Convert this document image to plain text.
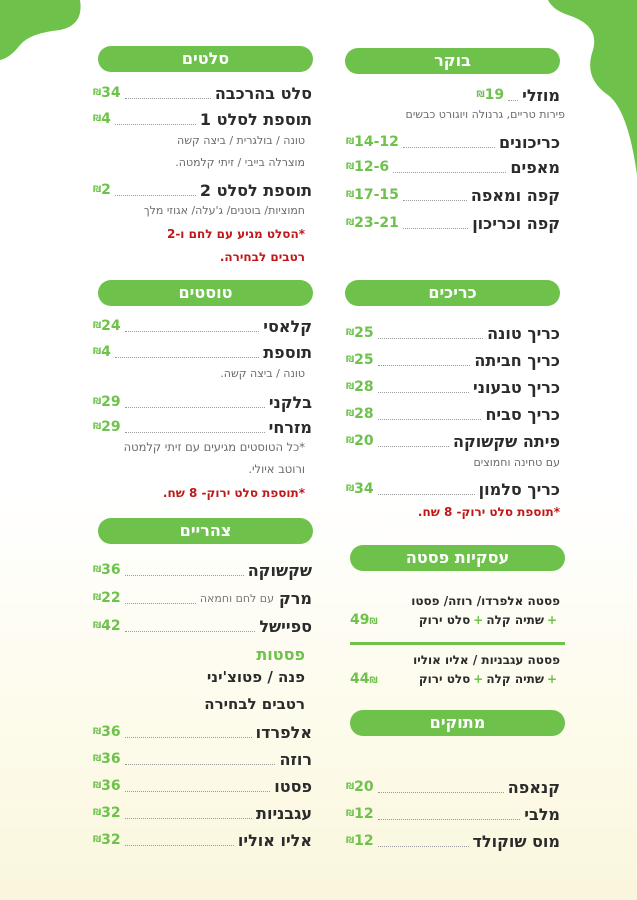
בוקר
מוזלי
19
₪
פירות טריים, גרנולה ויוגורט כבשים
כריכונים
14-12
₪
מאפים
12-6
₪
קפה ומאפה
17-15
₪
קפה וכריכון
23-21
₪
כריכים
כריך טונה
25
₪
כריך חביתה
25
₪
כריך טבעוני
28
₪
כריך סביח
28
₪
פיתה שקשוקה
20
₪
עם טחינה וחמוצים
כריך סלמון
34
₪
*תוספת סלט ירוק- 8 שח.
עסקיות פסטה
פסטה אלפרדו/ רוזה/ פסטו
+שתיה קלה+סלט ירוק
49₪
פסטה עגבניות / אליו אוליו
+שתיה קלה+סלט ירוק
44₪
מתוקים
קנאפה
20
₪
מלבי
12
₪
מוס שוקולד
12
₪
סלטים
סלט בהרכבה
34
₪
תוספת לסלט 1
4
₪
טונה / בולגרית / ביצה קשה
מוצרלה בייבי / זיתי קלמטה.
תוספת לסלט 2
2
₪
חמוציות/ בוטנים/ ג'עלה/ אגוזי מלך
*הסלט מגיע עם לחם ו-2
רטבים לבחירה.
טוסטים
קלאסי
24
₪
תוספת
4
₪
טונה / ביצה קשה.
בלקני
29
₪
מזרחי
29
₪
*כל הטוסטים מגיעים עם זיתי קלמטה
ורוטב איולי.
*תוספת סלט ירוק- 8 שח.
צהריים
שקשוקה
36
₪
מרק
עם לחם וחמאה
22
₪
ספיישל
42
₪
פסטות
פנה / פטוצ'יני
רטבים לבחירה
אלפרדו
36
₪
רוזה
36
₪
פסטו
36
₪
עגבניות
32
₪
אליו אוליו
32
₪
